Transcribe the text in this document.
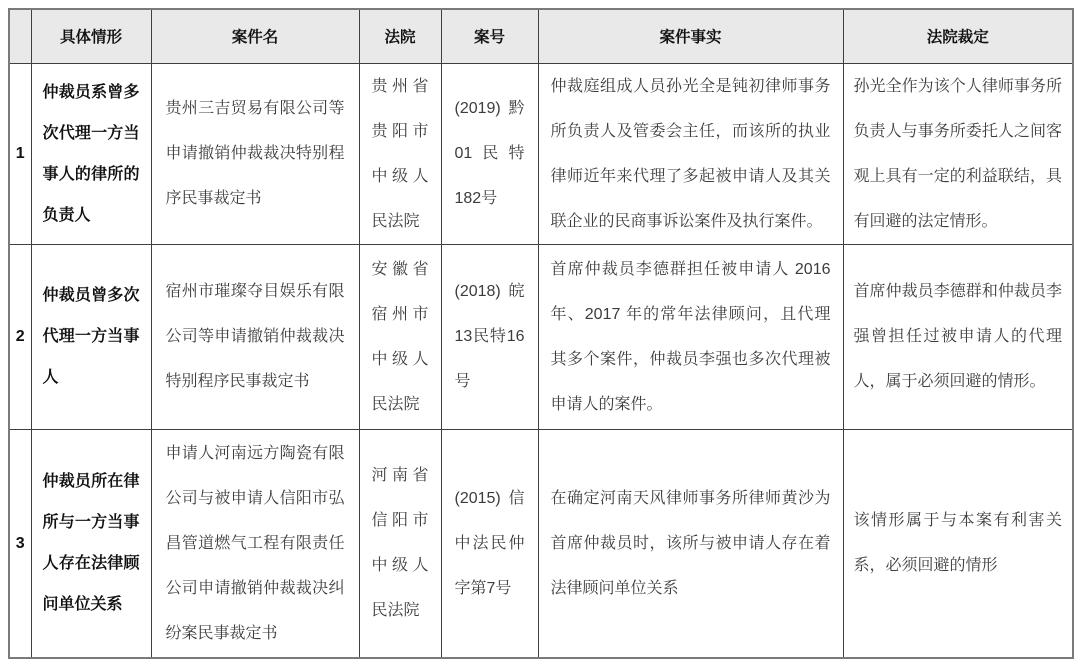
	具体情形	案件名	法院	案号	案件事实	法院裁定
1	仲裁员系曾多次代理一方当事人的律所的负责人	贵州三吉贸易有限公司等申请撤销仲裁裁决特别程序民事裁定书	贵州省贵阳市中级人民法院	(2019) 黔01民特182号	仲裁庭组成人员孙光全是钝初律师事务所负责人及管委会主任，而该所的执业律师近年来代理了多起被申请人及其关联企业的民商事诉讼案件及执行案件。	孙光全作为该个人律师事务所负责人与事务所委托人之间客观上具有一定的利益联结，具有回避的法定情形。
2	仲裁员曾多次代理一方当事人	宿州市璀璨夺目娱乐有限公司等申请撤销仲裁裁决特别程序民事裁定书	安徽省宿州市中级人民法院	(2018) 皖13民特16号	首席仲裁员李德群担任被申请人 2016 年、2017 年的常年法律顾问，且代理其多个案件，仲裁员李强也多次代理被申请人的案件。	首席仲裁员李德群和仲裁员李强曾担任过被申请人的代理人，属于必须回避的情形。
3	仲裁员所在律所与一方当事人存在法律顾问单位关系	申请人河南远方陶瓷有限公司与被申请人信阳市弘昌管道燃气工程有限责任公司申请撤销仲裁裁决纠纷案民事裁定书	河南省信阳市中级人民法院	(2015) 信中法民仲字第7号	在确定河南天风律师事务所律师黄沙为首席仲裁员时，该所与被申请人存在着法律顾问单位关系	该情形属于与本案有利害关系，必须回避的情形
